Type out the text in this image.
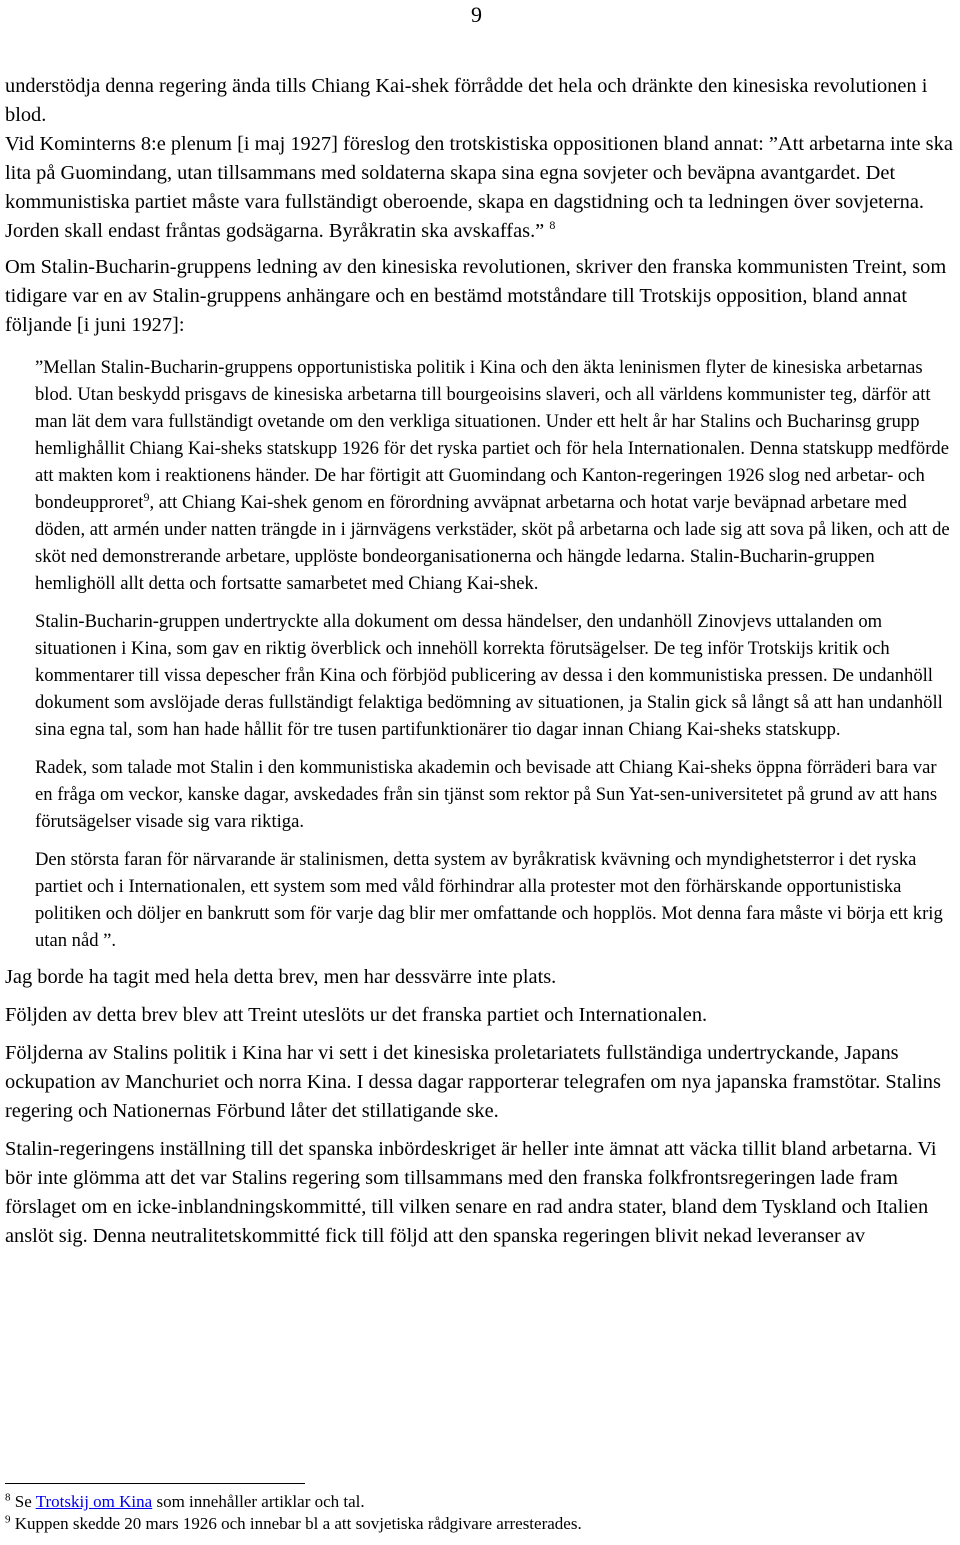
9

understödja denna regering ända tills Chiang Kai-shek förrådde det hela och dränkte den kinesiska revolutionen i blod.

Vid Kominterns 8:e plenum [i maj 1927] föreslog den trotskistiska oppositionen bland annat: ”Att arbetarna inte ska lita på Guomindang, utan tillsammans med soldaterna skapa sina egna sovjeter och beväpna avantgardet. Det kommunistiska partiet måste vara fullständigt oberoende, skapa en dagstidning och ta ledningen över sovjeterna. Jorden skall endast fråntas godsägarna. Byråkratin ska avskaffas.” $^8$

Om Stalin-Bucharin-gruppens ledning av den kinesiska revolutionen, skriver den franska kommunisten Treint, som tidigare var en av Stalin-gruppens anhängare och en bestämd motståndare till Trotskijs opposition, bland annat följande [i juni 1927]:

”Mellan Stalin-Bucharin-gruppens opportunistiska politik i Kina och den äkta leninismen flyter de kinesiska arbetarnas blod. Utan beskydd prisgavs de kinesiska arbetarna till bourgeoisins slaveri, och all världens kommunister teg, därför att man lät dem vara fullständigt ovetande om den verkliga situationen. Under ett helt år har Stalins och Bucharinsg grupp hemlighållit Chiang Kai-sheks statskupp 1926 för det ryska partiet och för hela Internationalen. Denna statskupp medförde att makten kom i reaktionens händer. De har förtigit att Guomindang och Kanton-regeringen 1926 slog ned arbetar- och bondeupproret$^9$, att Chiang Kai-shek genom en förordning avväpnat arbetarna och hotat varje beväpnad arbetare med döden, att armén under natten trängde in i järnvägens verkstäder, sköt på arbetarna och lade sig att sova på liken, och att de sköt ned demonstrerande arbetare, upplöste bondeorganisationerna och hängde ledarna. Stalin-Bucharin-gruppen hemlighöll allt detta och fortsatte samarbetet med Chiang Kai-shek.

Stalin-Bucharin-gruppen undertryckte alla dokument om dessa händelser, den undanhöll Zinovjevs uttalanden om situationen i Kina, som gav en riktig överblick och innehöll korrekta förutsägelser. De teg inför Trotskijs kritik och kommentarer till vissa depescher från Kina och förbjöd publicering av dessa i den kommunistiska pressen. De undanhöll dokument som avslöjade deras fullständigt felaktiga bedömning av situationen, ja Stalin gick så långt så att han undanhöll sina egna tal, som han hade hållit för tre tusen partifunktionärer tio dagar innan Chiang Kai-sheks statskupp.

Radek, som talade mot Stalin i den kommunistiska akademin och bevisade att Chiang Kai-sheks öppna förräderi bara var en fråga om veckor, kanske dagar, avskedades från sin tjänst som rektor på Sun Yat-sen-universitetet på grund av att hans förutsägelser visade sig vara riktiga.

Den största faran för närvarande är stalinismen, detta system av byråkratisk kvävning och myndighetsterror i det ryska partiet och i Internationalen, ett system som med våld förhindrar alla protester mot den förhärskande opportunistiska politiken och döljer en bankrutt som för varje dag blir mer omfattande och hopplös. Mot denna fara måste vi börja ett krig utan nåd ”.

Jag borde ha tagit med hela detta brev, men har dessvärre inte plats.

Följden av detta brev blev att Treint uteslöts ur det franska partiet och Internationalen.

Följderna av Stalins politik i Kina har vi sett i det kinesiska proletariatets fullständiga undertryckande, Japans ockupation av Manchuriet och norra Kina. I dessa dagar rapporterar telegrafen om nya japanska framstötar. Stalins regering och Nationernas Förbund låter det stillatigande ske.

Stalin-regeringens inställning till det spanska inbördeskriget är heller inte ämnat att väcka tillit bland arbetarna. Vi bör inte glömma att det var Stalins regering som tillsammans med den franska folkfrontsregeringen lade fram förslaget om en icke-inblandningskommitté, till vilken senare en rad andra stater, bland dem Tyskland och Italien anslöt sig. Denna neutralitetskommitté fick till följd att den spanska regeringen blivit nekad leveranser av

$^8$ Se Trotskij om Kina som innehåller artiklar och tal.

$^9$ Kuppen skedde 20 mars 1926 och innebar bl a att sovjetiska rådgivare arresterades.
